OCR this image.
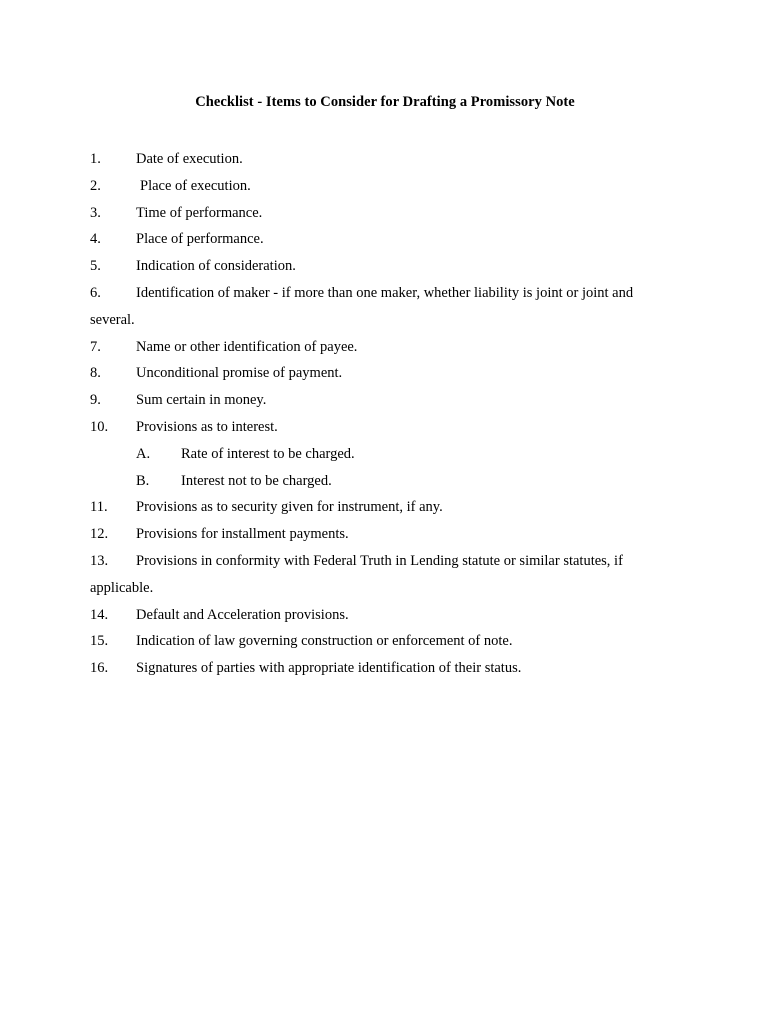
Checklist - Items to Consider for Drafting a Promissory Note
1. Date of execution.
2.	Place of execution.
3. Time of performance.
4. Place of performance.
5. Indication of consideration.
6. Identification of maker - if more than one maker, whether liability is joint or joint and
several.
7. Name or other identification of payee.
8. Unconditional promise of payment.
9. Sum certain in money.
10. Provisions as to interest.
A. Rate of interest to be charged.
B. Interest not to be charged.
11. Provisions as to security given for instrument, if any.
12. Provisions for installment payments.
13. Provisions in conformity with Federal Truth in Lending statute or similar statutes, if
applicable.
14. Default and Acceleration provisions.
15. Indication of law governing construction or enforcement of note.
16. Signatures of parties with appropriate identification of their status.
